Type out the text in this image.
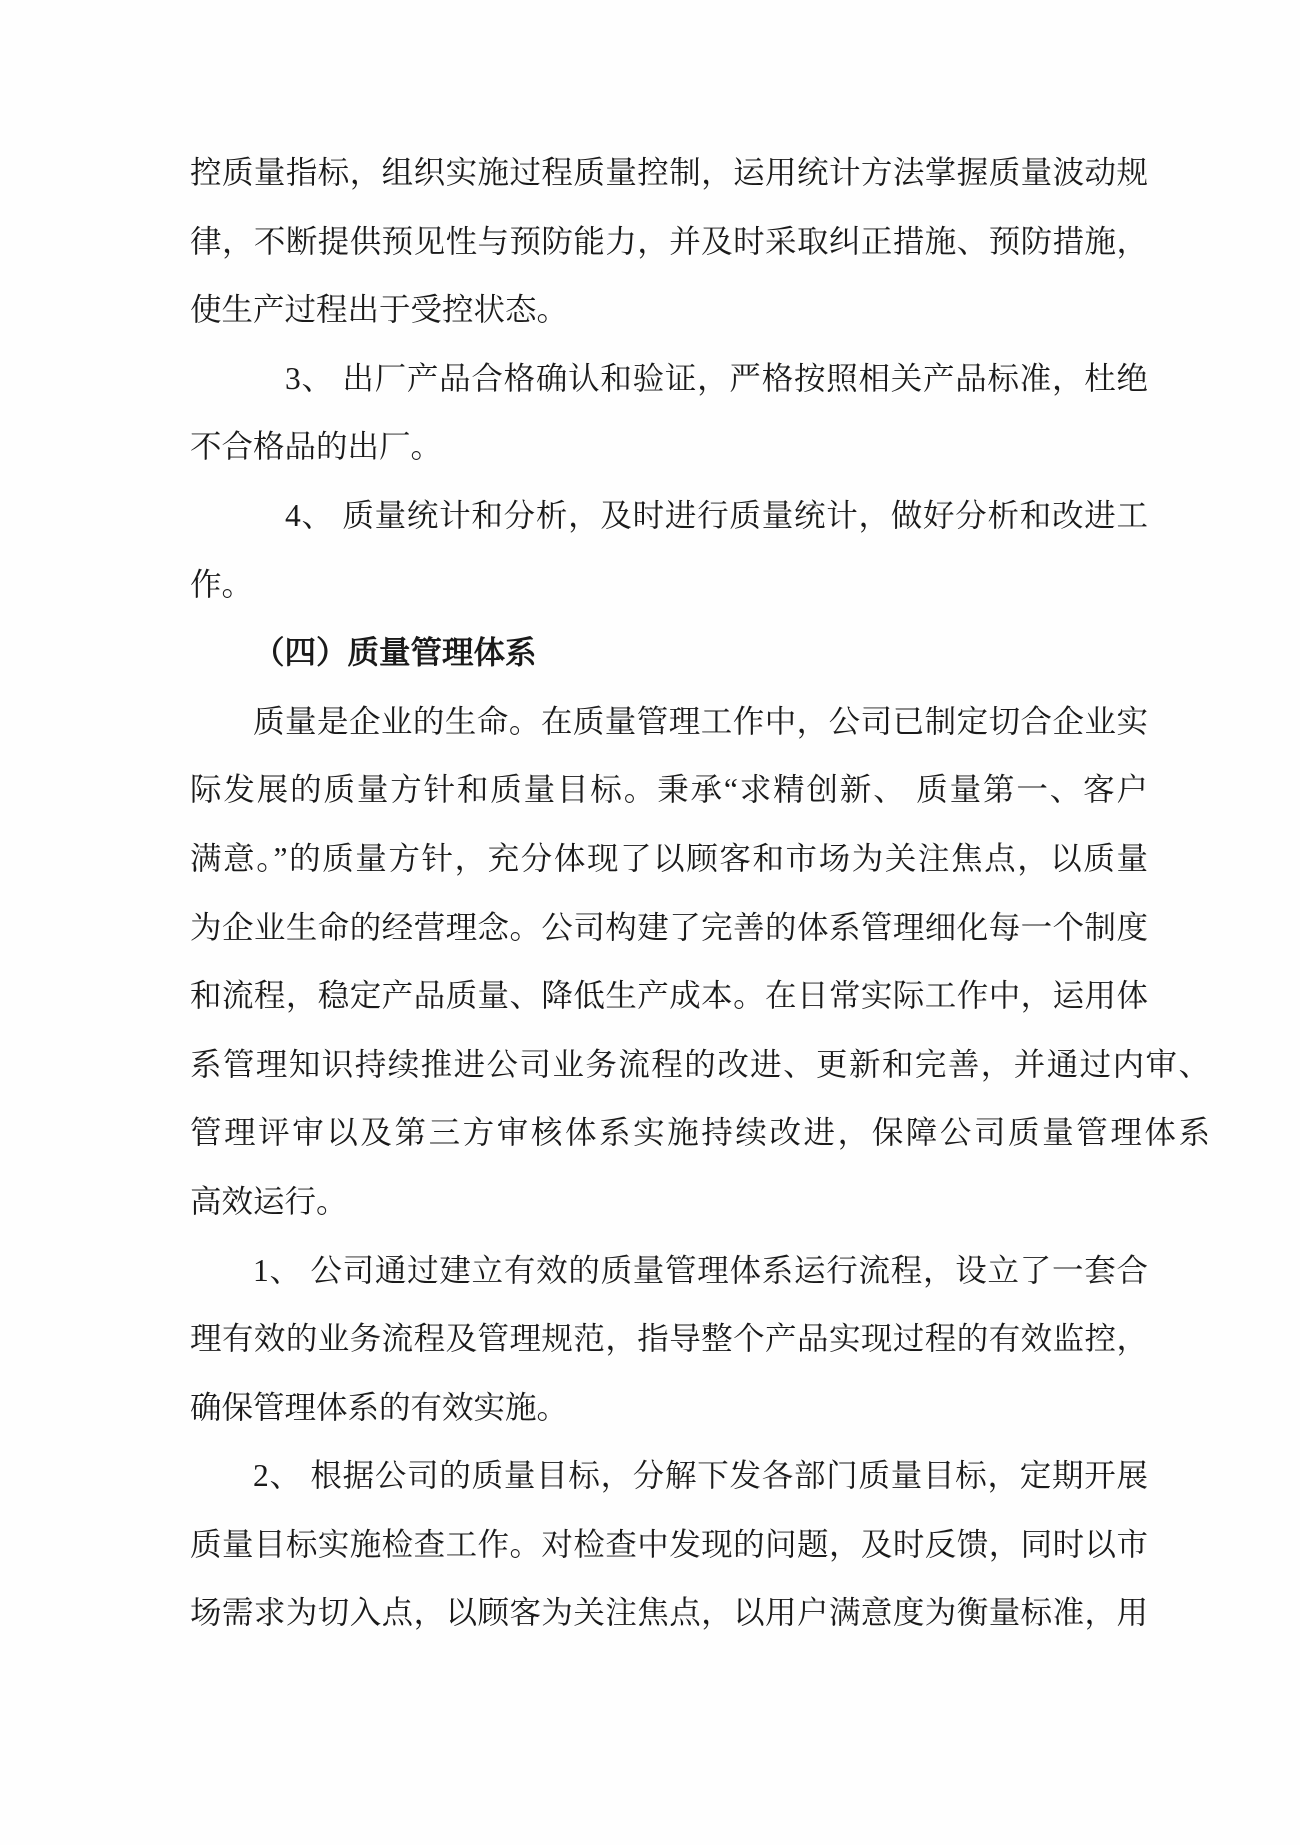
控质量指标，组织实施过程质量控制，运用统计方法掌握质量波动规
律，不断提供预见性与预防能力，并及时采取纠正措施、预防措施，
使生产过程出于受控状态。
3、 出厂产品合格确认和验证，严格按照相关产品标准，杜绝
不合格品的出厂。
4、 质量统计和分析，及时进行质量统计，做好分析和改进工
作。
（四）质量管理体系
质量是企业的生命。在质量管理工作中，公司已制定切合企业实
际发展的质量方针和质量目标。秉承“求精创新、 质量第一、客户
满意。”的质量方针，充分体现了以顾客和市场为关注焦点，以质量
为企业生命的经营理念。公司构建了完善的体系管理细化每一个制度
和流程，稳定产品质量、降低生产成本。在日常实际工作中，运用体
系管理知识持续推进公司业务流程的改进、更新和完善，并通过内审、
管理评审以及第三方审核体系实施持续改进，保障公司质量管理体系
高效运行。
1、 公司通过建立有效的质量管理体系运行流程，设立了一套合
理有效的业务流程及管理规范，指导整个产品实现过程的有效监控，
确保管理体系的有效实施。
2、 根据公司的质量目标，分解下发各部门质量目标，定期开展
质量目标实施检查工作。对检查中发现的问题，及时反馈，同时以市
场需求为切入点，以顾客为关注焦点，以用户满意度为衡量标准，用
